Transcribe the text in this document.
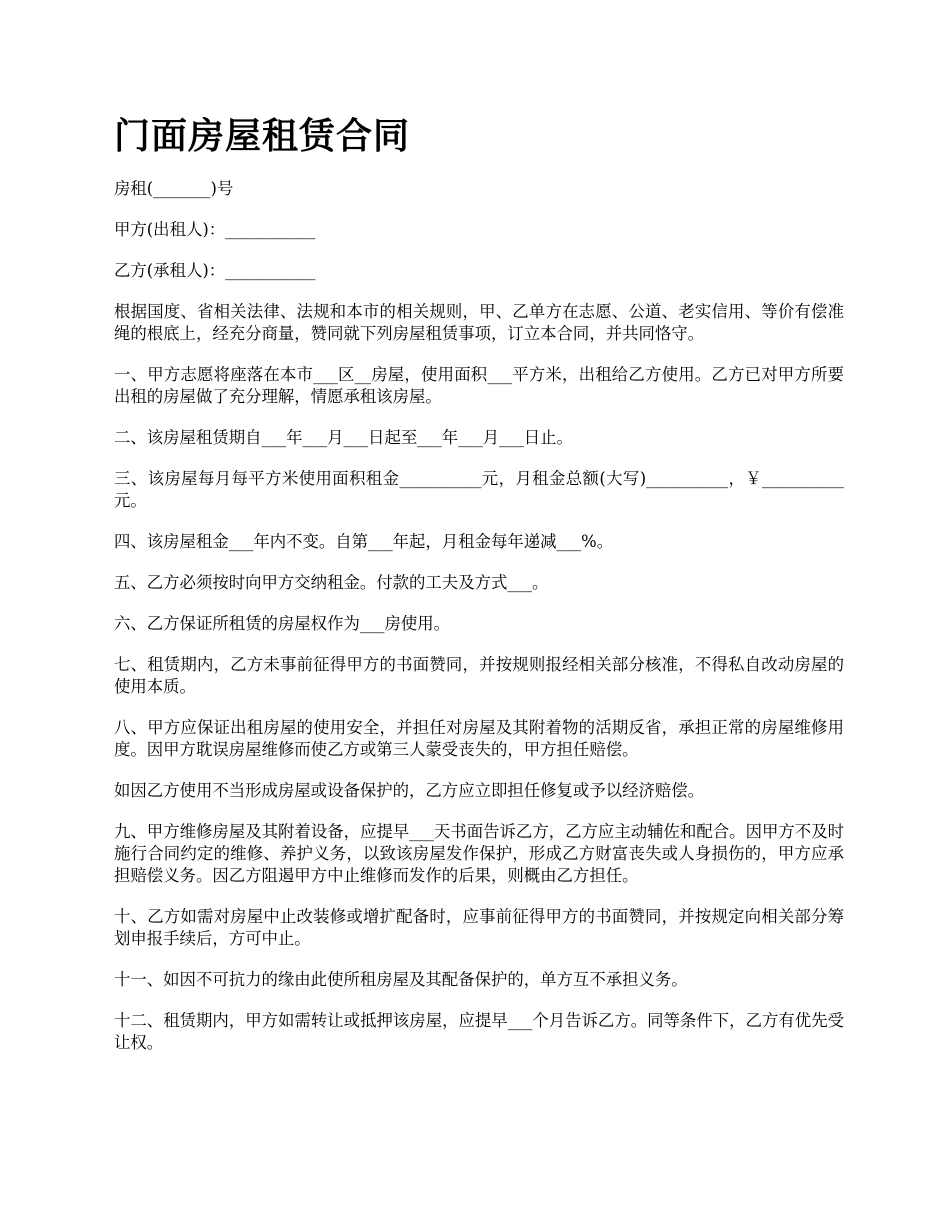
门面房屋租赁合同

房租(_______)号

甲方(出租人)：___________

乙方(承租人)：___________

根据国度、省相关法律、法规和本市的相关规则，甲、乙单方在志愿、公道、老实信用、等价有偿准绳的根底上，经充分商量，赞同就下列房屋租赁事项，订立本合同，并共同恪守。

一、甲方志愿将座落在本市___区__房屋，使用面积___平方米，出租给乙方使用。乙方已对甲方所要出租的房屋做了充分理解，情愿承租该房屋。

二、该房屋租赁期自___年___月___日起至___年___月___日止。

三、该房屋每月每平方米使用面积租金__________元，月租金总额(大写)__________，￥__________元。

四、该房屋租金___年内不变。自第___年起，月租金每年递减___%。

五、乙方必须按时向甲方交纳租金。付款的工夫及方式___。

六、乙方保证所租赁的房屋权作为___房使用。

七、租赁期内，乙方未事前征得甲方的书面赞同，并按规则报经相关部分核准，不得私自改动房屋的使用本质。

八、甲方应保证出租房屋的使用安全，并担任对房屋及其附着物的活期反省，承担正常的房屋维修用度。因甲方耽误房屋维修而使乙方或第三人蒙受丧失的，甲方担任赔偿。

如因乙方使用不当形成房屋或设备保护的，乙方应立即担任修复或予以经济赔偿。

九、甲方维修房屋及其附着设备，应提早___天书面告诉乙方，乙方应主动辅佐和配合。因甲方不及时施行合同约定的维修、养护义务，以致该房屋发作保护，形成乙方财富丧失或人身损伤的，甲方应承担赔偿义务。因乙方阻遏甲方中止维修而发作的后果，则概由乙方担任。

十、乙方如需对房屋中止改装修或增扩配备时，应事前征得甲方的书面赞同，并按规定向相关部分筹划申报手续后，方可中止。

十一、如因不可抗力的缘由此使所租房屋及其配备保护的，单方互不承担义务。

十二、租赁期内，甲方如需转让或抵押该房屋，应提早___个月告诉乙方。同等条件下，乙方有优先受让权。
